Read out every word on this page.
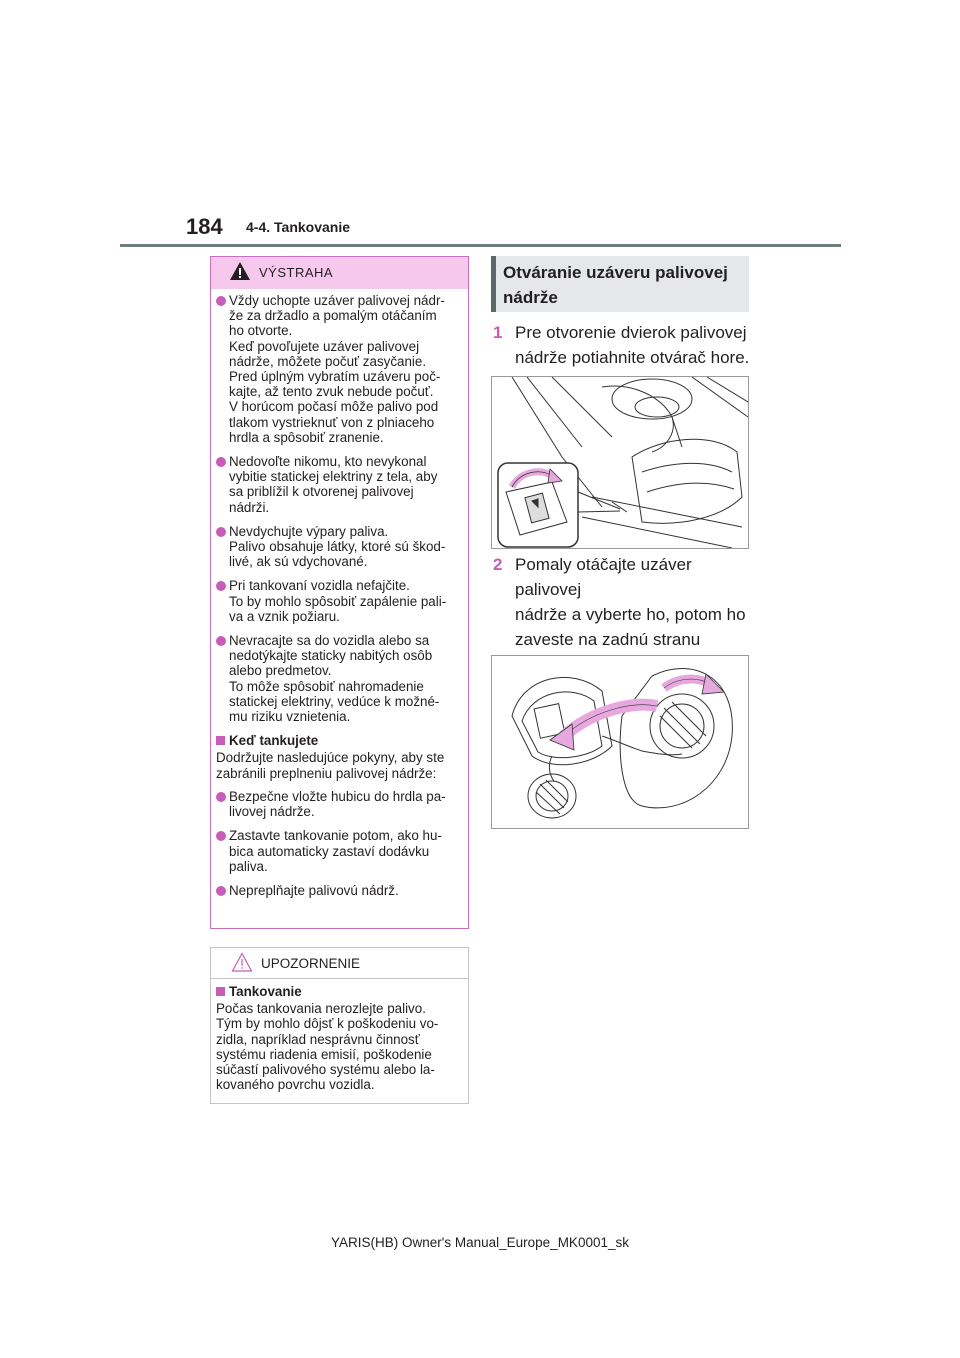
184 4-4. Tankovanie
VÝSTRAHA
Vždy uchopte uzáver palivovej nádr-
že za držadlo a pomalým otáčaním
ho otvorte.
Keď povoľujete uzáver palivovej
nádrže, môžete počuť zasyčanie.
Pred úplným vybratím uzáveru poč-
kajte, až tento zvuk nebude počuť.
V horúcom počasí môže palivo pod
tlakom vystrieknuť von z plniaceho
hrdla a spôsobiť zranenie.
Nedovoľte nikomu, kto nevykonal
vybitie statickej elektriny z tela, aby
sa priblížil k otvorenej palivovej
nádrži.
Nevdychujte výpary paliva.
Palivo obsahuje látky, ktoré sú škod-
livé, ak sú vdychované.
Pri tankovaní vozidla nefajčite.
To by mohlo spôsobiť zapálenie pali-
va a vznik požiaru.
Nevracajte sa do vozidla alebo sa
nedotýkajte staticky nabitých osôb
alebo predmetov.
To môže spôsobiť nahromadenie
statickej elektriny, vedúce k možné-
mu riziku vznietenia.
Keď tankujete
Dodržujte nasledujúce pokyny, aby ste
zabránili preplneniu palivovej nádrže:
Bezpečne vložte hubicu do hrdla pa-
livovej nádrže.
Zastavte tankovanie potom, ako hu-
bica automaticky zastaví dodávku
paliva.
Nepreplňajte palivovú nádrž.
UPOZORNENIE
Tankovanie
Počas tankovania nerozlejte palivo.
Tým by mohlo dôjsť k poškodeniu vo-
zidla, napríklad nesprávnu činnosť
systému riadenia emisií, poškodenie
súčastí palivového systému alebo la-
kovaného povrchu vozidla.
Otváranie uzáveru palivovej
nádrže
1 Pre otvorenie dvierok palivovej
nádrže potiahnite otvárač hore.
2 Pomaly otáčajte uzáver palivovej
nádrže a vyberte ho, potom ho
zaveste na zadnú stranu

YARIS(HB) Owner's Manual_Europe_MK0001_sk
